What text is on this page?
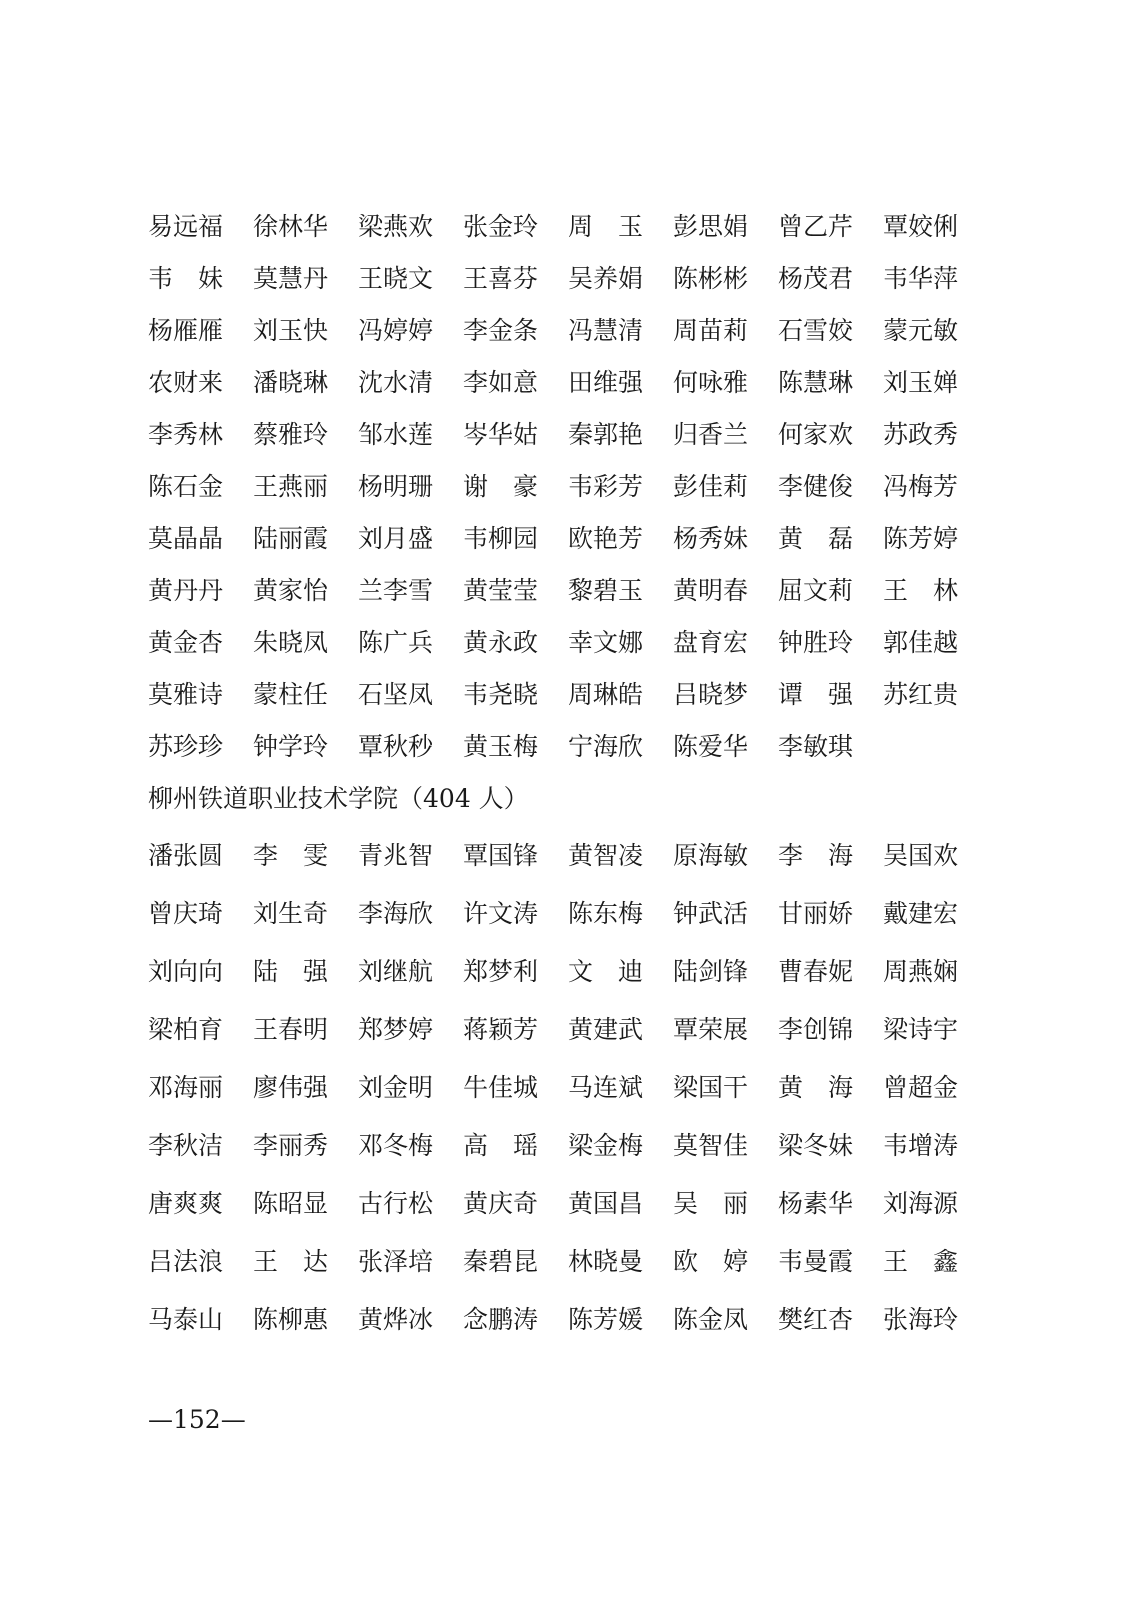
易远福	徐林华	梁燕欢	张金玲	周　玉	彭思娟	曾乙芹	覃姣俐
韦　妹	莫慧丹	王晓文	王喜芬	吴养娟	陈彬彬	杨茂君	韦华萍
杨雁雁	刘玉快	冯婷婷	李金条	冯慧清	周苗莉	石雪姣	蒙元敏
农财来	潘晓琳	沈水清	李如意	田维强	何咏雅	陈慧琳	刘玉婵
李秀林	蔡雅玲	邹水莲	岑华姑	秦郭艳	归香兰	何家欢	苏政秀
陈石金	王燕丽	杨明珊	谢　豪	韦彩芳	彭佳莉	李健俊	冯梅芳
莫晶晶	陆丽霞	刘月盛	韦柳园	欧艳芳	杨秀妹	黄　磊	陈芳婷
黄丹丹	黄家怡	兰李雪	黄莹莹	黎碧玉	黄明春	屈文莉	王　林
黄金杏	朱晓凤	陈广兵	黄永政	幸文娜	盘育宏	钟胜玲	郭佳越
莫雅诗	蒙柱任	石坚凤	韦尧晓	周琳皓	吕晓梦	谭　强	苏红贵
苏珍珍	钟学玲	覃秋秒	黄玉梅	宁海欣	陈爱华	李敏琪
柳州铁道职业技术学院（404 人）
潘张圆	李　雯	青兆智	覃国锋	黄智凌	原海敏	李　海	吴国欢
曾庆琦	刘生奇	李海欣	许文涛	陈东梅	钟武活	甘丽娇	戴建宏
刘向向	陆　强	刘继航	郑梦利	文　迪	陆剑锋	曹春妮	周燕娴
梁柏育	王春明	郑梦婷	蒋颖芳	黄建武	覃荣展	李创锦	梁诗宇
邓海丽	廖伟强	刘金明	牛佳城	马连斌	梁国干	黄　海	曾超金
李秋洁	李丽秀	邓冬梅	高　瑶	梁金梅	莫智佳	梁冬妹	韦增涛
唐爽爽	陈昭显	古行松	黄庆奇	黄国昌	吴　丽	杨素华	刘海源
吕法浪	王　达	张泽培	秦碧昆	林晓曼	欧　婷	韦曼霞	王　鑫
马泰山	陈柳惠	黄烨冰	念鹏涛	陈芳媛	陈金凤	樊红杏	张海玲
—152—
